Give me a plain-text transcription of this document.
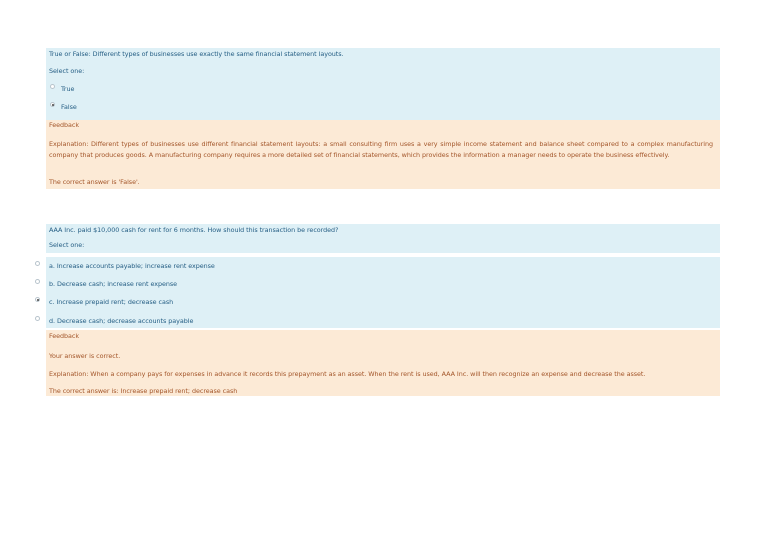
True or False: Different types of businesses use exactly the same financial statement layouts.
Select one:
True
False
Feedback
Explanation: Different types of businesses use different financial statement layouts: a small consulting firm uses a very simple income statement and balance sheet compared to a complex manufacturing company that produces goods. A manufacturing company requires a more detailed set of financial statements, which provides the information a manager needs to operate the business effectively.
The correct answer is 'False'.
AAA Inc. paid $10,000 cash for rent for 6 months. How should this transaction be recorded?
Select one:
a. Increase accounts payable; increase rent expense
b. Decrease cash; increase rent expense
c. Increase prepaid rent; decrease cash
d. Decrease cash; decrease accounts payable
Feedback
Your answer is correct.
Explanation: When a company pays for expenses in advance it records this prepayment as an asset. When the rent is used, AAA Inc. will then recognize an expense and decrease the asset.
The correct answer is: Increase prepaid rent; decrease cash
